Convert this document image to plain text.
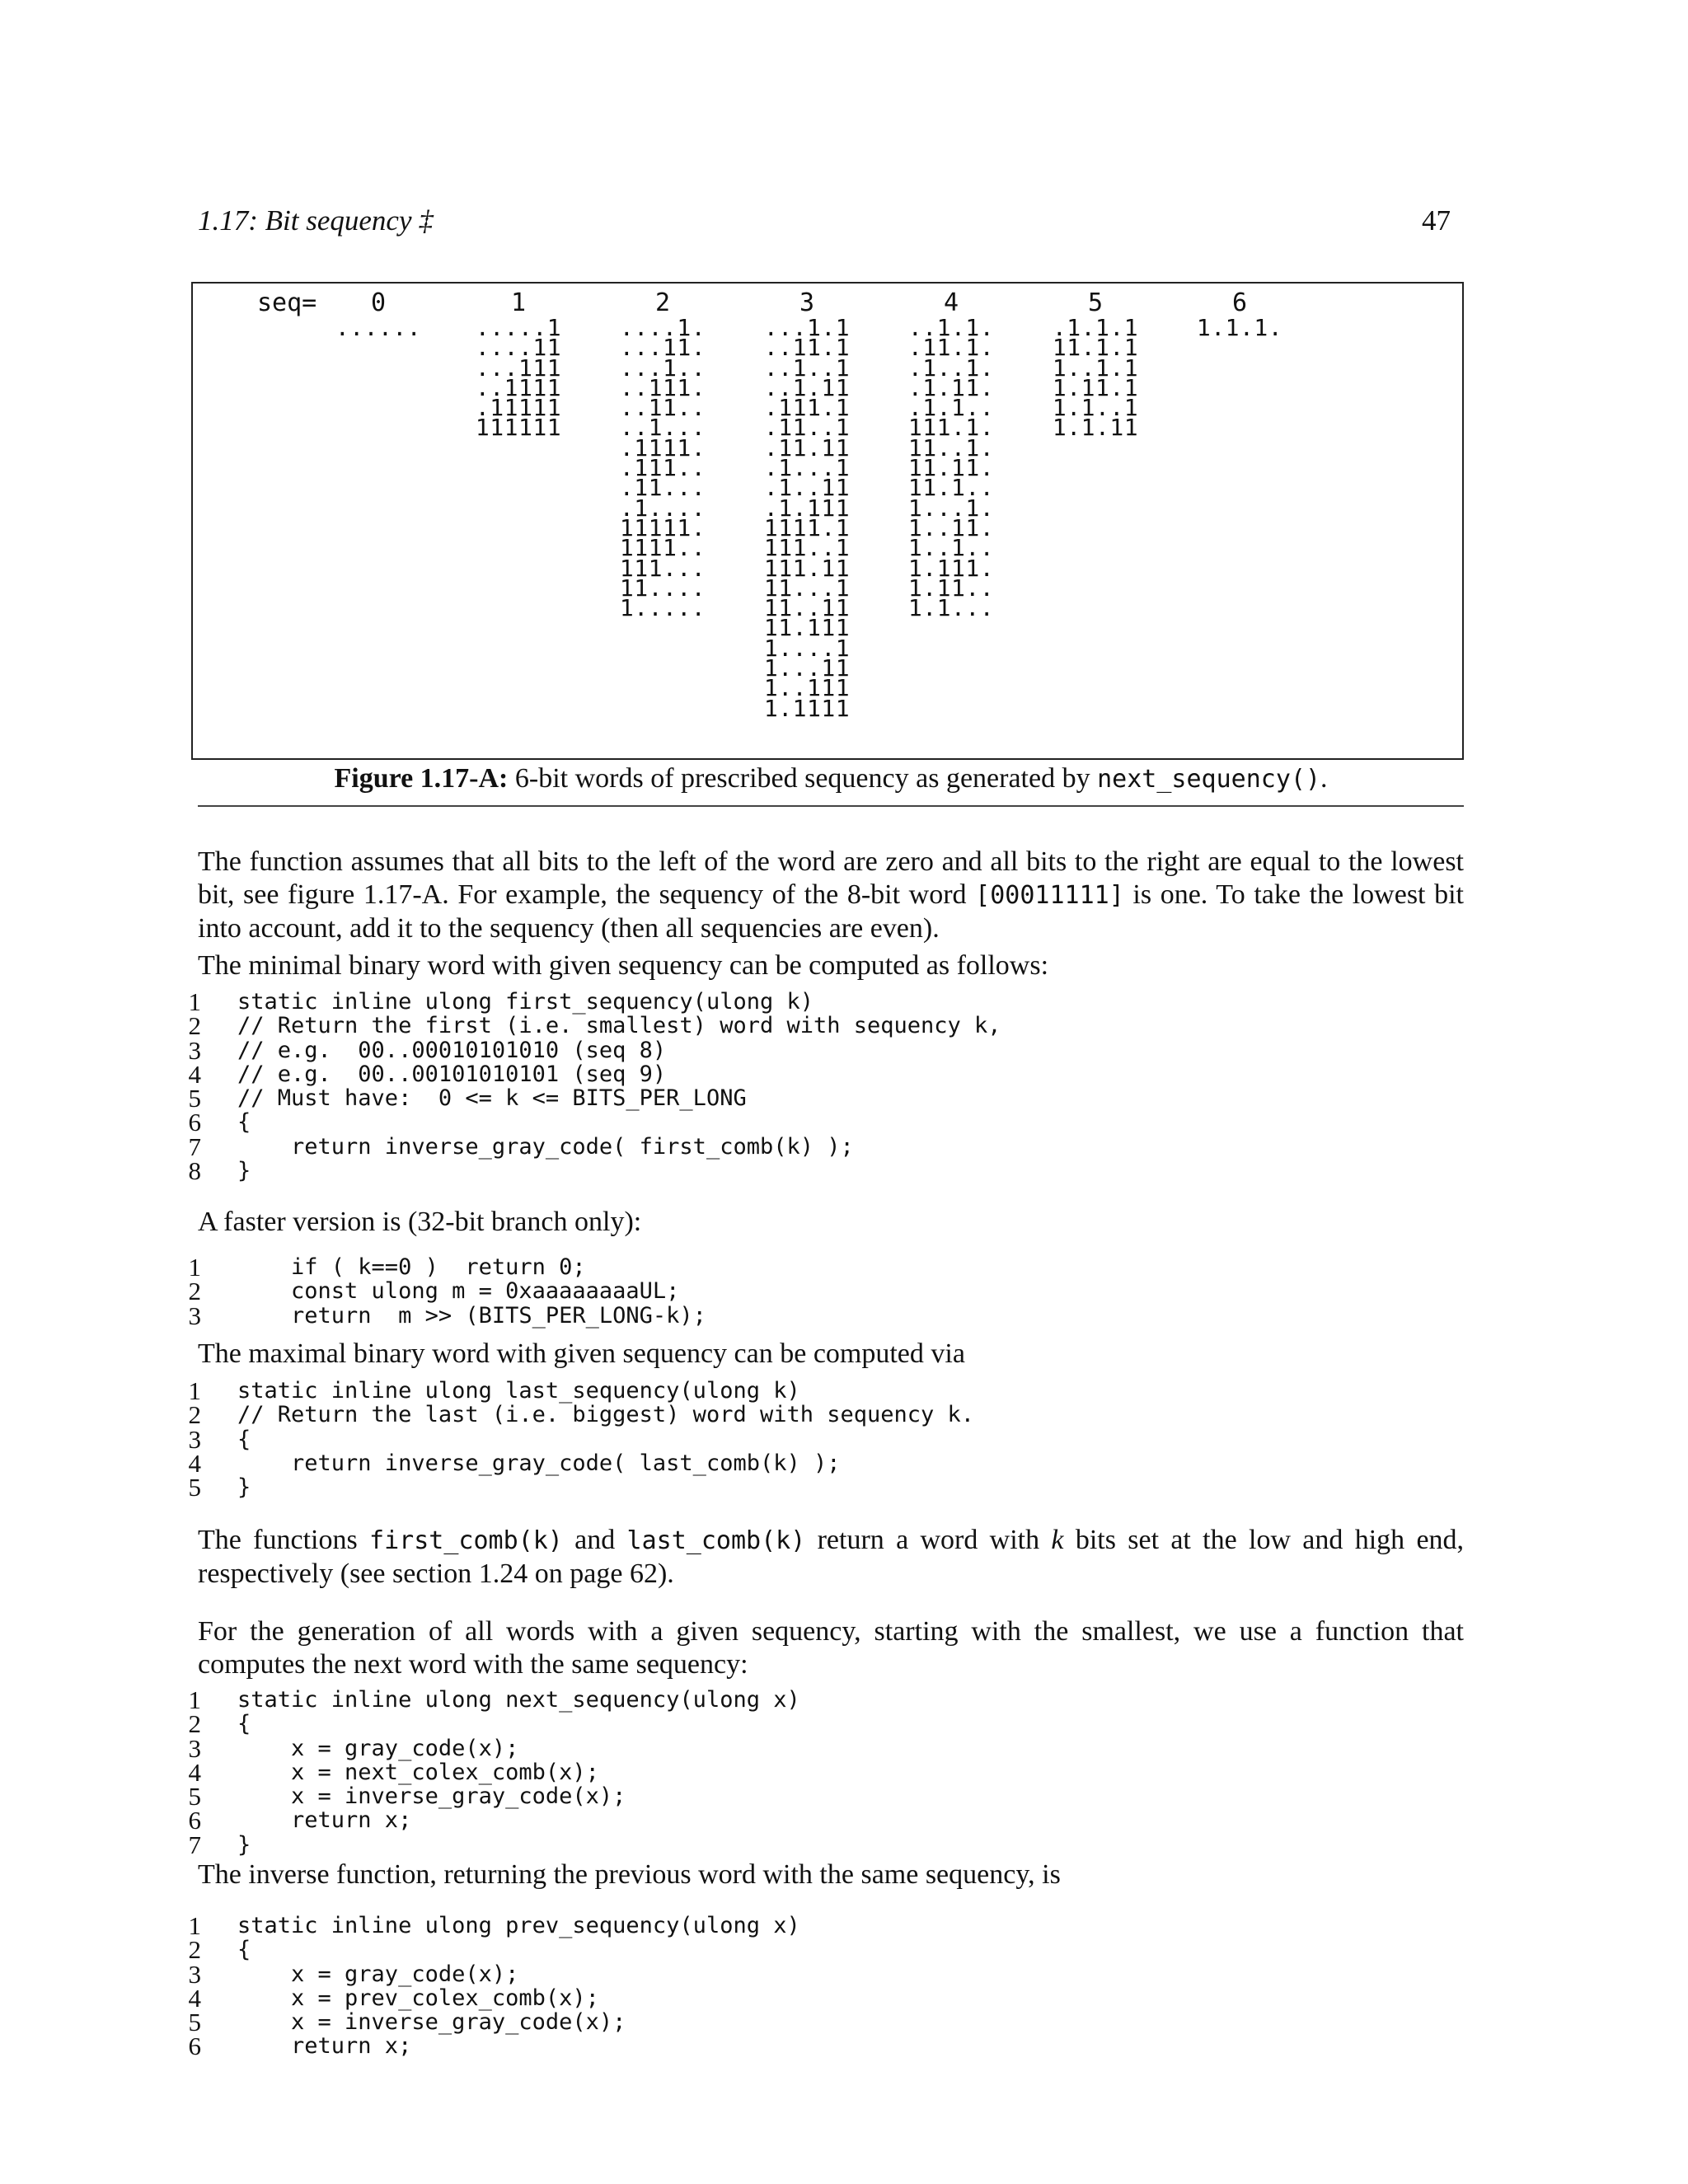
1.17: Bit sequency ‡	47
seq=	0
......
1
.....1
....11
...111
..1111
.11111
111111
2
....1.
...11.
...1..
..111.
..11..
..1...
.1111.
.111..
.11...
.1....
11111.
1111..
111...
11....
1.....
3
...1.1
..11.1
..1..1
..1.11
.111.1
.11..1
.11.11
.1...1
.1..11
.1.111
1111.1
111..1
111.11
11...1
11..11
11.111
1....1
1...11
1..111
1.1111
4
..1.1.
.11.1.
.1..1.
.1.11.
.1.1..
111.1.
11..1.
11.11.
11.1..
1...1.
1..11.
1..1..
1.111.
1.11..
1.1...
5
.1.1.1
11.1.1
1..1.1
1.11.1
1.1..1
1.1.11
6
1.1.1.
Figure 1.17-A: 6-bit words of prescribed sequency as generated by next_sequency().
The function assumes that all bits to the left of the word are zero and all bits to the right are equal to the lowest bit, see figure 1.17-A. For example, the sequency of the 8-bit word [00011111] is one. To take the lowest bit into account, add it to the sequency (then all sequencies are even).
The minimal binary word with given sequency can be computed as follows:
1 static inline ulong first_sequency(ulong k)
2 // Return the first (i.e. smallest) word with sequency k,
3 // e.g.  00..00010101010 (seq 8)
4 // e.g.  00..00101010101 (seq 9)
5 // Must have:  0 <= k <= BITS_PER_LONG
6 {
7 return inverse_gray_code( first_comb(k) );
8 }
A faster version is (32-bit branch only):
1 if ( k==0 )  return 0;
2 const ulong m = 0xaaaaaaaaUL;
3 return  m >> (BITS_PER_LONG-k);
The maximal binary word with given sequency can be computed via
1 static inline ulong last_sequency(ulong k)
2 // Return the last (i.e. biggest) word with sequency k.
3 {
4 return inverse_gray_code( last_comb(k) );
5 }
The functions first_comb(k) and last_comb(k) return a word with k bits set at the low and high end, respectively (see section 1.24 on page 62).
For the generation of all words with a given sequency, starting with the smallest, we use a function that computes the next word with the same sequency:
1 static inline ulong next_sequency(ulong x)
2 {
3 x = gray_code(x);
4 x = next_colex_comb(x);
5 x = inverse_gray_code(x);
6 return x;
7 }
The inverse function, returning the previous word with the same sequency, is
1 static inline ulong prev_sequency(ulong x)
2 {
3 x = gray_code(x);
4 x = prev_colex_comb(x);
5 x = inverse_gray_code(x);
6 return x;
